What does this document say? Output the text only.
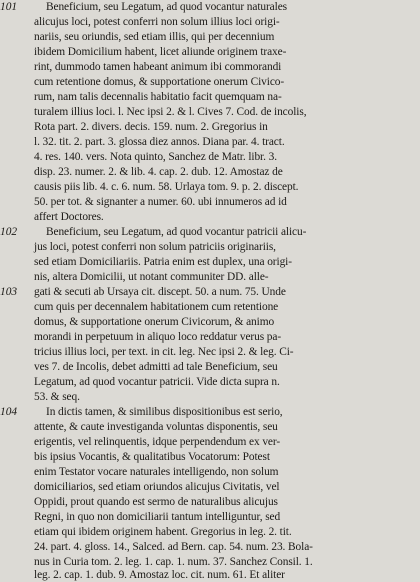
101	Beneficium, seu Legatum, ad quod vocantur naturales
alicujus loci, potest conferri non solum illius loci origi-
nariis, seu oriundis, sed etiam illis, qui per decennium
ibidem Domicilium habent, licet aliunde originem traxe-
rint, dummodo tamen habeant animum ibi commorandi
cum retentione domus, & supportatione onerum Civico-
rum, nam talis decennalis habitatio facit quemquam na-
turalem illius loci. l. Nec ipsi 2. & l. Cives 7. Cod. de incolis,
Rota part. 2. divers. decis. 159. num. 2. Gregorius in
l. 32. tit. 2. part. 3. glossa diez annos. Diana par. 4. tract.
4. res. 140. vers. Nota quinto, Sanchez de Matr. libr. 3.
disp. 23. numer. 2. & lib. 4. cap. 2. dub. 12. Amostaz de
causis piis lib. 4. c. 6. num. 58. Urlaya tom. 9. p. 2. discept.
50. per tot. & signanter a numer. 60. ubi innumeros ad id
affert Doctores.
102	Beneficium, seu Legatum, ad quod vocantur patricii alicu-
jus loci, potest conferri non solum patriciis originariis,
sed etiam Domiciliariis. Patria enim est duplex, una origi-
nis, altera Domicilii, ut notant communiter DD. alle-
103 gati & secuti ab Ursaya cit. discept. 50. a num. 75. Unde
cum quis per decennalem habitationem cum retentione
domus, & supportatione onerum Civicorum, & animo
morandi in perpetuum in aliquo loco reddatur verus pa-
tricius illius loci, per text. in cit. leg. Nec ipsi 2. & leg. Ci-
ves 7. de Incolis, debet admitti ad tale Beneficium, seu
Legatum, ad quod vocantur patricii. Vide dicta supra n.
53. & seq.
104	In dictis tamen, & similibus dispositionibus est serio,
attente, & caute investiganda voluntas disponentis, seu
erigentis, vel relinquentis, idque perpendendum ex ver-
bis ipsius Vocantis, & qualitatibus Vocatorum: Potest
enim Testator vocare naturales intelligendo, non solum
domiciliarios, sed etiam oriundos alicujus Civitatis, vel
Oppidi, prout quando est sermo de naturalibus alicujus
Regni, in quo non domiciliarii tantum intelliguntur, sed
etiam qui ibidem originem habent. Gregorius in leg. 2. tit.
24. part. 4. gloss. 14., Salced. ad Bern. cap. 54. num. 23. Bola-
nus in Curia tom. 2. leg. 1. cap. 1. num. 37. Sanchez Consil. 1.
leg. 2. cap. 1. dub. 9. Amostaz loc. cit. num. 61. Et aliter
